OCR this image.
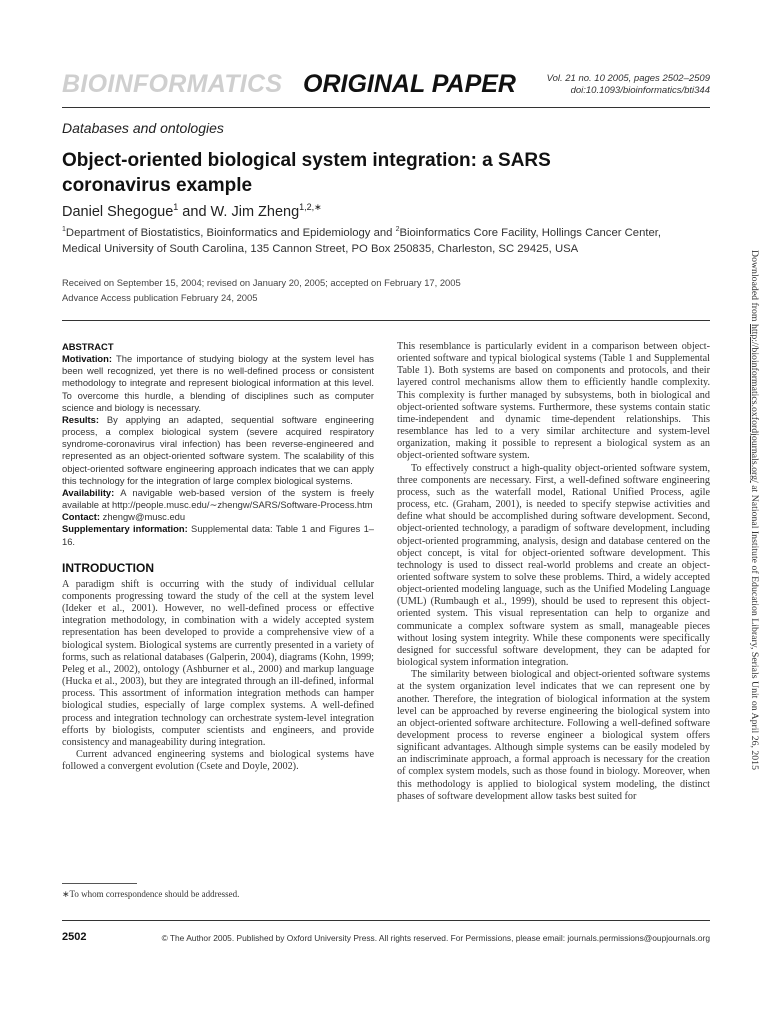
BIOINFORMATICS ORIGINAL PAPER	Vol. 21 no. 10 2005, pages 2502–2509
doi:10.1093/bioinformatics/bti344
Databases and ontologies
Object-oriented biological system integration: a SARS coronavirus example
Daniel Shegogue$^1$ and W. Jim Zheng$^{1,2,∗}$
$^1$Department of Biostatistics, Bioinformatics and Epidemiology and $^2$Bioinformatics Core Facility, Hollings Cancer Center, Medical University of South Carolina, 135 Cannon Street, PO Box 250835, Charleston, SC 29425, USA
Received on September 15, 2004; revised on January 20, 2005; accepted on February 17, 2005
Advance Access publication February 24, 2005

ABSTRACT

Motivation: The importance of studying biology at the system level has been well recognized, yet there is no well-defined process or consistent methodology to integrate and represent biological information at this level. To overcome this hurdle, a blending of disciplines such as computer science and biology is necessary.

Results: By applying an adapted, sequential software engineering process, a complex biological system (severe acquired respiratory syndrome-coronavirus viral infection) has been reverse-engineered and represented as an object-oriented software system. The scalability of this object-oriented software engineering approach indicates that we can apply this technology for the integration of large complex biological systems.

Availability: A navigable web-based version of the system is freely available at http://people.musc.edu/∼zhengw/SARS/Software-Process.htm

Contact: zhengw@musc.edu

Supplementary information: Supplemental data: Table 1 and Figures 1–16.

INTRODUCTION

A paradigm shift is occurring with the study of individual cellular components progressing toward the study of the cell at the system level (Ideker et al., 2001). However, no well-defined process or effective integration methodology, in combination with a widely accepted system representation has been developed to provide a comprehensive view of a biological system. Biological systems are currently presented in a variety of forms, such as relational databases (Galperin, 2004), diagrams (Kohn, 1999; Peleg et al., 2002), ontology (Ashburner et al., 2000) and markup language (Hucka et al., 2003), but they are integrated through an ill-defined, informal process. This assortment of information integration methods can hamper biological studies, especially of large complex systems. A well-defined process and integration technology can orchestrate system-level integration efforts by biologists, computer scientists and engineers, and provide consistency and manageability during integration.

Current advanced engineering systems and biological systems have followed a convergent evolution (Csete and Doyle, 2002).

∗To whom correspondence should be addressed.

This resemblance is particularly evident in a comparison between object-oriented software and typical biological systems (Table 1 and Supplemental Table 1). Both systems are based on components and protocols, and their layered control mechanisms allow them to efficiently handle complexity. This complexity is further managed by subsystems, both in biological and object-oriented software systems. Furthermore, these systems contain static time-independent and dynamic time-dependent relationships. This resemblance has led to a very similar architecture and system-level organization, making it possible to represent a biological system as an object-oriented software system.

To effectively construct a high-quality object-oriented software system, three components are necessary. First, a well-defined software engineering process, such as the waterfall model, Rational Unified Process, agile process, etc. (Graham, 2001), is needed to specify stepwise activities and define what should be accomplished during software development. Second, object-oriented technology, a paradigm of software development, including object-oriented programming, analysis, design and database centered on the object concept, is vital for object-oriented software development. This technology is used to dissect real-world problems and create an object-oriented software system to solve these problems. Third, a widely accepted object-oriented modeling language, such as the Unified Modeling Language (UML) (Rumbaugh et al., 1999), should be used to represent this object-oriented system. This visual representation can help to organize and communicate a complex software system as small, manageable pieces without losing system integrity. While these components were specifically designed for successful software development, they can be adapted for biological system information integration.

The similarity between biological and object-oriented software systems at the system organization level indicates that we can represent one by another. Therefore, the integration of biological information at the system level can be approached by reverse engineering the biological system into an object-oriented software architecture. Following a well-defined software development process to reverse engineer a biological system offers significant advantages. Although simple systems can be easily modeled by an indiscriminate approach, a formal approach is necessary for the creation of complex system models, such as those found in biology. Moreover, when this methodology is applied to biological system modeling, the distinct phases of software development allow tasks best suited for

2502	© The Author 2005. Published by Oxford University Press. All rights reserved. For Permissions, please email: journals.permissions@oupjournals.org
Downloaded from http://bioinformatics.oxfordjournals.org/ at National Institute of Education Library, Serials Unit on April 26, 2015
